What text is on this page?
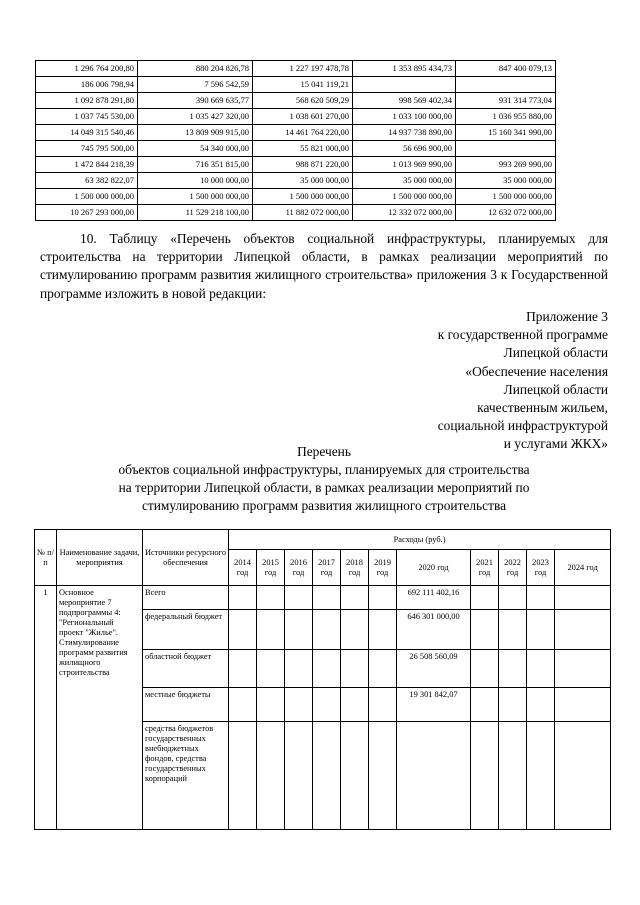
1 296 764 200,80	880 204 826,78	1 227 197 478,78	1 353 895 434,73	847 400 079,13
186 006 798,94	7 596 542,59	15 041 119,21		
1 092 878 291,80	390 669 635,77	568 620 509,29	998 569 402,34	931 314 773,04
1 037 745 530,00	1 035 427 320,00	1 038 601 270,00	1 033 100 000,00	1 036 955 880,00
14 049 315 540,46	13 809 909 915,00	14 461 764 220,00	14 937 738 890,00	15 160 341 990,00
745 795 500,00	54 340 000,00	55 821 000,00	56 696 900,00	
1 472 844 218,39	716 351 815,00	988 871 220,00	1 013 969 990,00	993 269 990,00
63 382 822,07	10 000 000,00	35 000 000,00	35 000 000,00	35 000 000,00
1 500 000 000,00	1 500 000 000,00	1 500 000 000,00	1 500 000 000,00	1 500 000 000,00
10 267 293 000,00	11 529 218 100,00	11 882 072 000,00	12 332 072 000,00	12 632 072 000,00
10. Таблицу «Перечень объектов социальной инфраструктуры, планируемых для строительства на территории Липецкой области, в рамках реализации мероприятий по стимулированию программ развития жилищного строительства» приложения 3 к Государственной программе изложить в новой редакции:
Приложение 3
к государственной программе
Липецкой области
«Обеспечение населения
Липецкой области
качественным жильем,
социальной инфраструктурой
и услугами ЖКХ»
Перечень
объектов социальной инфраструктуры, планируемых для строительства
на территории Липецкой области, в рамках реализации мероприятий по
стимулированию программ развития жилищного строительства
№ п/п	Наименование задачи, мероприятия	Источники ресурсного обеспечения	Расходы (руб.)										
			2014 год	2015 год	2016 год	2017 год	2018 год	2019 год	2020 год	2021 год	2022 год	2023 год	2024 год
1	Основное мероприятие 7 подпрограммы 4: "Региональный проект "Жилье". Стимулирование программ развития жилищного строительства	Всего							692 111 402,16				
		федеральный бюджет							646 301 000,00				
		областной бюджет							26 508 560,09				
		местные бюджеты							19 301 842,07				
		средства бюджетов государственных внебюджетных фондов, средства государственных корпораций											
